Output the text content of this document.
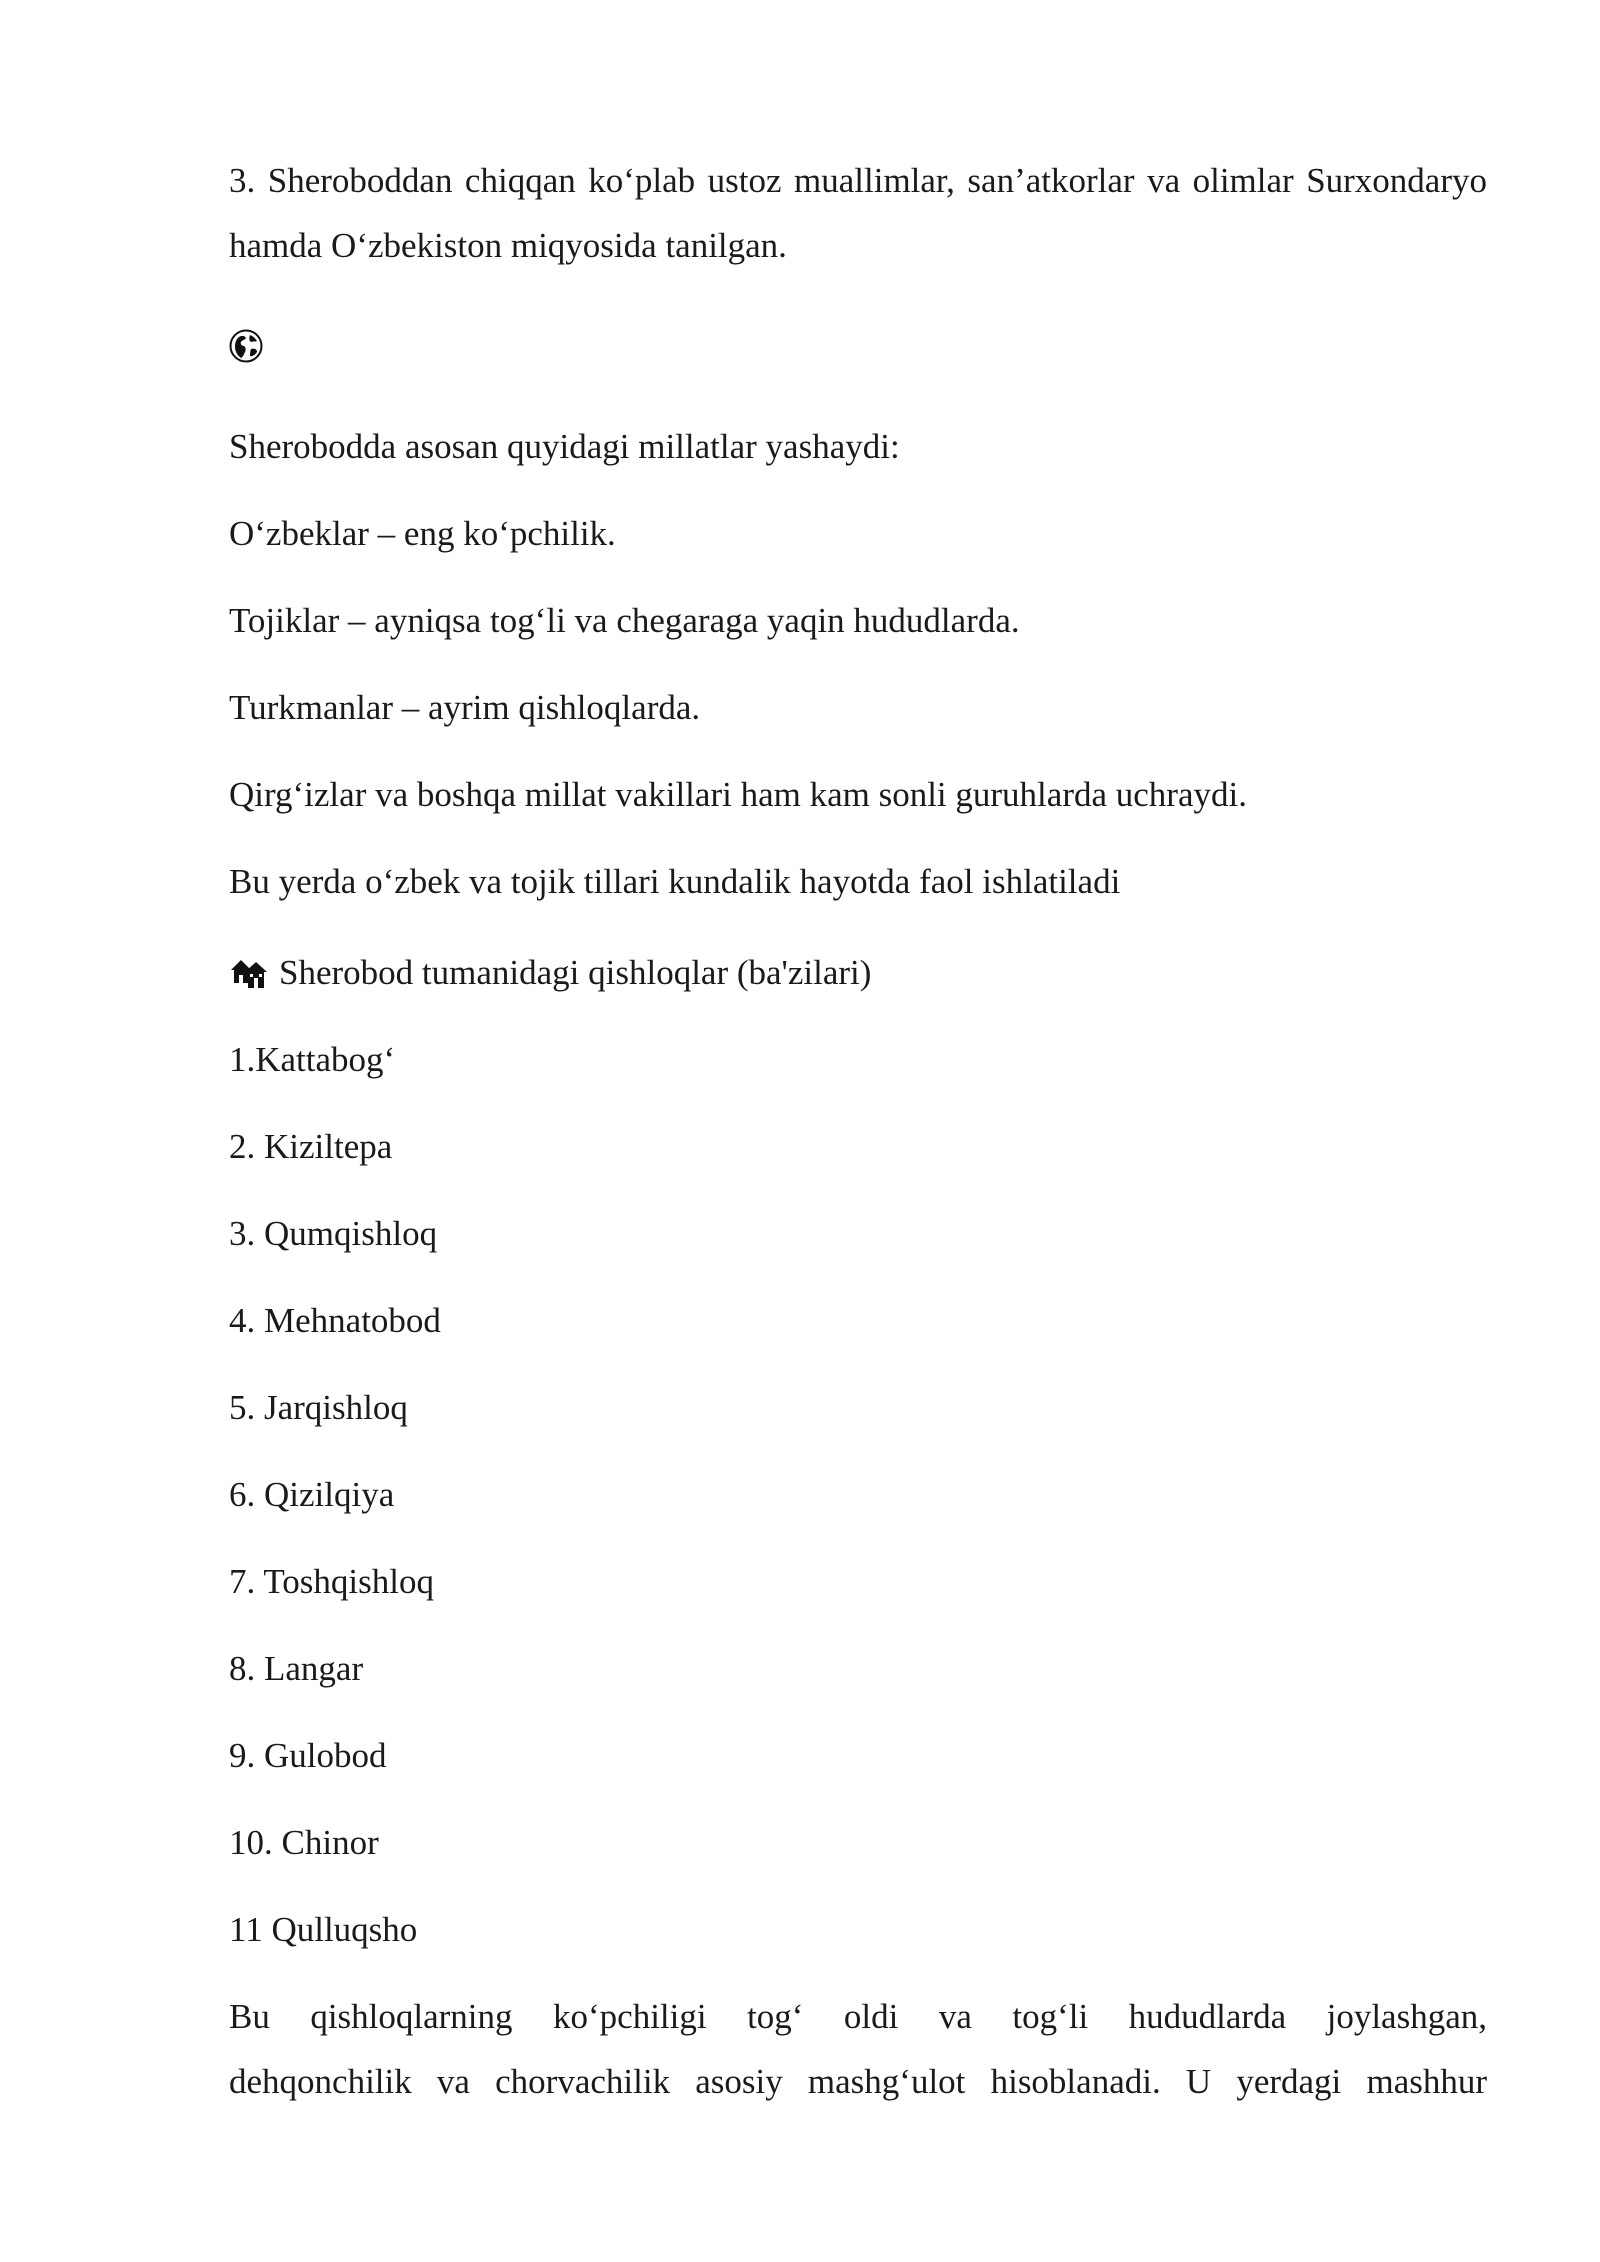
3. Sheroboddan chiqqan ko‘plab ustoz muallimlar, san’atkorlar va olimlar Surxondaryo hamda O‘zbekiston miqyosida tanilgan.

Sherobodda asosan quyidagi millatlar yashaydi:
O‘zbeklar – eng ko‘pchilik.
Tojiklar – ayniqsa tog‘li va chegaraga yaqin hududlarda.
Turkmanlar – ayrim qishloqlarda.
Qirg‘izlar va boshqa millat vakillari ham kam sonli guruhlarda uchraydi.
Bu yerda o‘zbek va tojik tillari kundalik hayotda faol ishlatiladi
Sherobod tumanidagi qishloqlar (ba'zilari)
1.Kattabog‘
2. Kiziltepa
3. Qumqishloq
4. Mehnatobod
5. Jarqishloq
6. Qizilqiya
7. Toshqishloq
8. Langar
9. Gulobod
10. Chinor
11 Qulluqsho

Bu qishloqlarning ko‘pchiligi tog‘ oldi va tog‘li hududlarda joylashgan,

dehqonchilik va chorvachilik asosiy mashg‘ulot hisoblanadi. U yerdagi mashhur
